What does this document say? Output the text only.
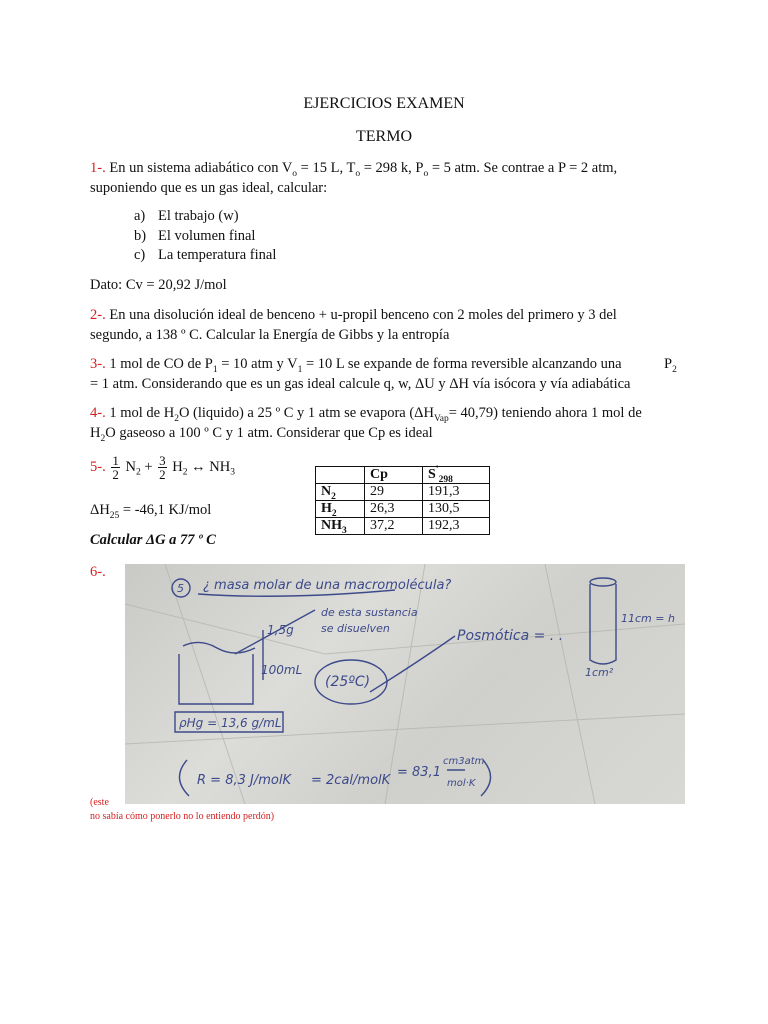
EJERCICIOS EXAMEN
TERMO
1-. En un sistema adiabático con $V_o = 15$ L, $T_o = 298$ k, $P_o = 5$ atm. Se contrae a P = 2 atm,
suponiendo que es un gas ideal, calcular:
a) El trabajo (w)
b) El volumen final
c) La temperatura final
Dato: Cv = 20,92 J/mol
2-. En una disolución ideal de benceno + u-propil benceno con 2 moles del primero y 3 del
segundo, a 138 º C. Calcular la Energía de Gibbs y la entropía
3-. 1 mol de CO de $P_1 = 10$ atm y $V_1 = 10$ L se expande de forma reversible alcanzando una	$P_2$
= 1 atm. Considerando que es un gas ideal calcule q, w, ΔU y ΔH vía isócora y vía adiabática
4-. 1 mol de $H_2O$ (liquido) a 25 º C y 1 atm se evapora $(\Delta H_{Vap}= 40,79)$ teniendo ahora 1 mol de
$H_2O$ gaseoso a 100 º C y 1 atm. Considerar que Cp es ideal
5-. $\frac{1}{2} N_2 + \frac{3}{2} H_2$ ↔ $NH_3$
$\Delta H_{25} = -46,1$ KJ/mol
Calcular ΔG a 77 º C
	Cp	$S'_{298}$
$N_2$	29	191,3
$H_2$	26,3	130,5
$NH_3$	37,2	192,3
6-.
5 ¿ masa molar de una macromolécula?
1,5g
de esta sustancia
se disuelven
100mL
(25ºC)
Posmótica = . .
11cm = h
1cm²
ρHg = 13,6 g/mL
R = 8,3 J/molK = 2cal/molK
= 83,1
cm3atm
mol·K
(este
no sabía cómo ponerlo no lo entiendo perdón)
